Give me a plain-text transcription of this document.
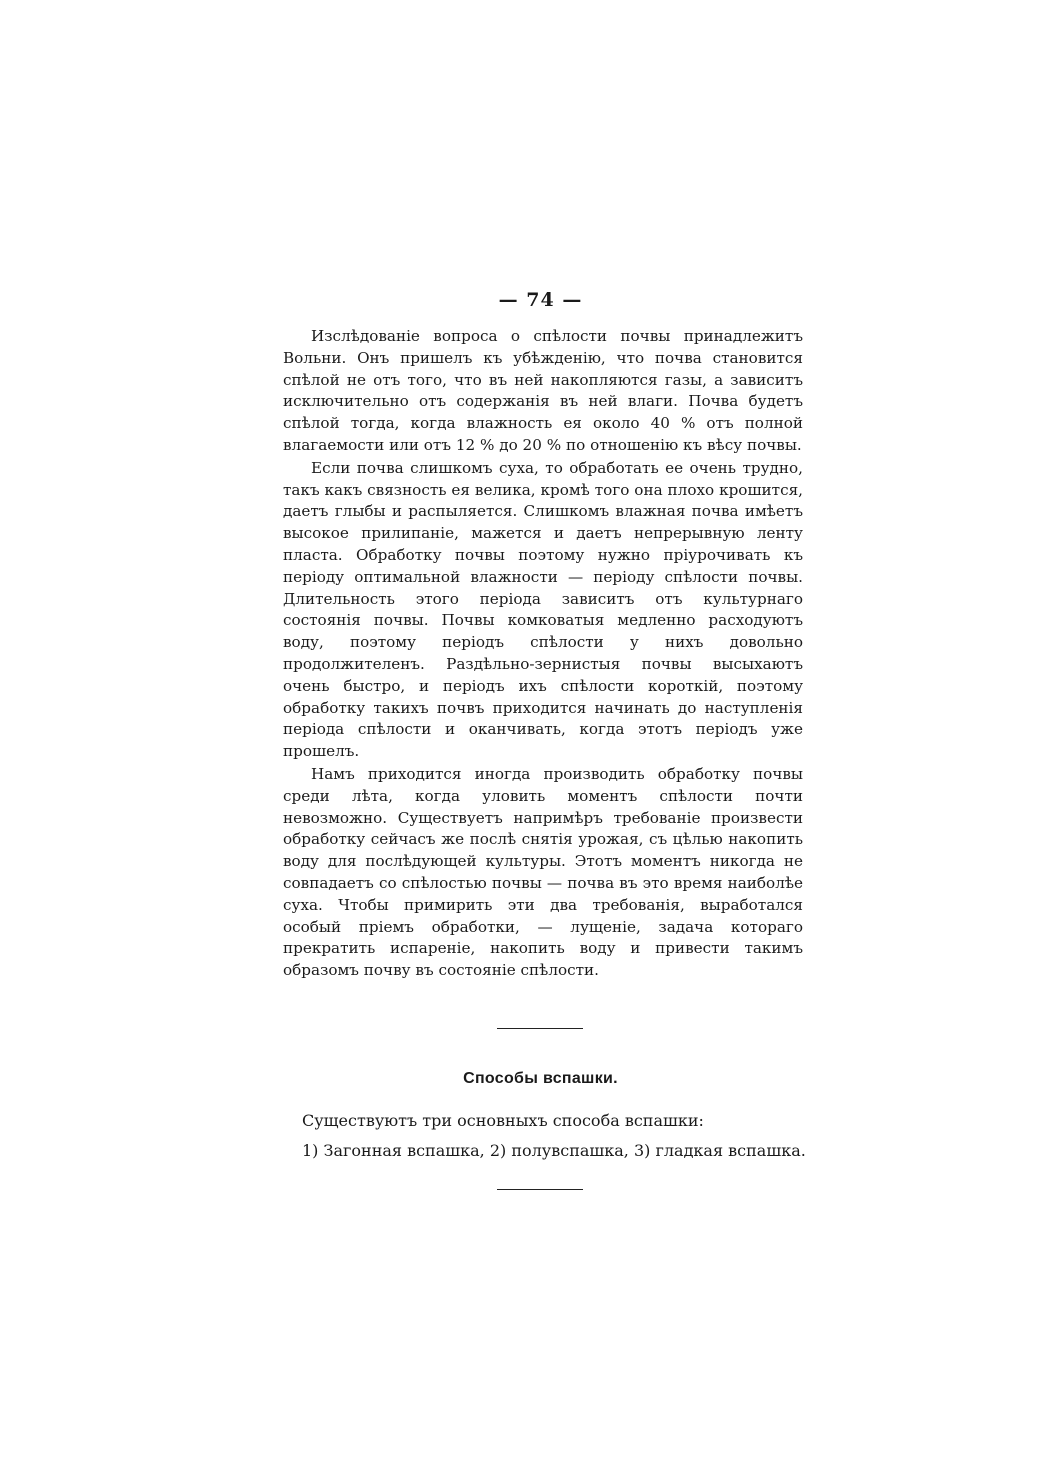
— 74 —

Изслѣдованіе вопроса о спѣлости почвы принадлежитъ Вольни. Онъ пришелъ къ убѣжденію, что почва становится спѣлой не отъ того, что въ ней накопляются газы, а зависитъ исключительно отъ содержанія въ ней влаги. Почва будетъ спѣлой тогда, когда влажность ея около 40 % отъ полной влагаемости или отъ 12 % до 20 % по отношенію къ вѣсу почвы.

Если почва слишкомъ суха, то обработать ее очень трудно, такъ какъ связность ея велика, кромѣ того она плохо крошится, даетъ глыбы и распыляется. Слишкомъ влажная почва имѣетъ высокое прилипаніе, мажется и даетъ непрерывную ленту пласта. Обработку почвы поэтому нужно пріурочивать къ періоду оптимальной влажности — періоду спѣлости почвы. Длительность этого періода зависитъ отъ культурнаго состоянія почвы. Почвы комковатыя медленно расходуютъ воду, поэтому періодъ спѣлости у нихъ довольно продолжителенъ. Раздѣльно-зернистыя почвы высыхаютъ очень быстро, и періодъ ихъ спѣлости короткій, поэтому обработку такихъ почвъ приходится начинать до наступленія періода спѣлости и оканчивать, когда этотъ періодъ уже прошелъ.

Намъ приходится иногда производить обработку почвы среди лѣта, когда уловить моментъ спѣлости почти невозможно. Существуетъ напримѣръ требованіе произвести обработку сейчасъ же послѣ снятія урожая, съ цѣлью накопить воду для послѣдующей культуры. Этотъ моментъ никогда не совпадаетъ со спѣлостью почвы — почва въ это время наиболѣе суха. Чтобы примирить эти два требованія, выработался особый пріемъ обработки, — лущеніе, задача котораго прекратить испареніе, накопить воду и привести такимъ образомъ почву въ состояніе спѣлости.

Способы вспашки.
Существуютъ три основныхъ способа вспашки:
1) Загонная вспашка, 2) полувспашка, 3) гладкая вспашка.
